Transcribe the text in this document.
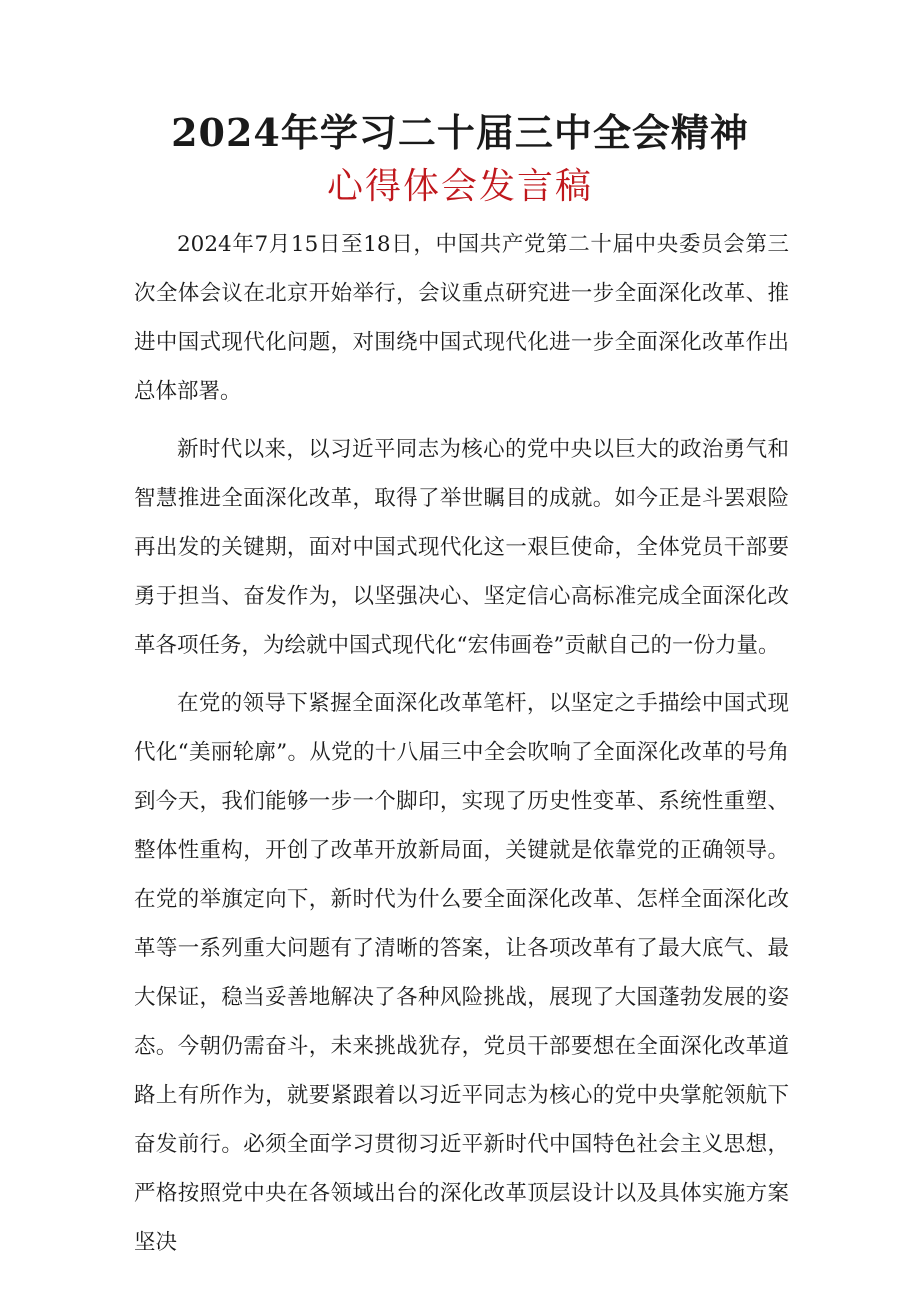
2024年学习二十届三中全会精神
心得体会发言稿

2024年7月15日至18日，中国共产党第二十届中央委员会第三次全体会议在北京开始举行，会议重点研究进一步全面深化改革、推进中国式现代化问题，对围绕中国式现代化进一步全面深化改革作出总体部署。

新时代以来，以习近平同志为核心的党中央以巨大的政治勇气和智慧推进全面深化改革，取得了举世瞩目的成就。如今正是斗罢艰险再出发的关键期，面对中国式现代化这一艰巨使命，全体党员干部要勇于担当、奋发作为，以坚强决心、坚定信心高标准完成全面深化改革各项任务，为绘就中国式现代化“宏伟画卷”贡献自己的一份力量。

在党的领导下紧握全面深化改革笔杆，以坚定之手描绘中国式现代化“美丽轮廓”。从党的十八届三中全会吹响了全面深化改革的号角到今天，我们能够一步一个脚印，实现了历史性变革、系统性重塑、整体性重构，开创了改革开放新局面，关键就是依靠党的正确领导。在党的举旗定向下，新时代为什么要全面深化改革、怎样全面深化改革等一系列重大问题有了清晰的答案，让各项改革有了最大底气、最大保证，稳当妥善地解决了各种风险挑战，展现了大国蓬勃发展的姿态。今朝仍需奋斗，未来挑战犹存，党员干部要想在全面深化改革道路上有所作为，就要紧跟着以习近平同志为核心的党中央掌舵领航下奋发前行。必须全面学习贯彻习近平新时代中国特色社会主义思想，严格按照党中央在各领域出台的深化改革顶层设计以及具体实施方案坚决
